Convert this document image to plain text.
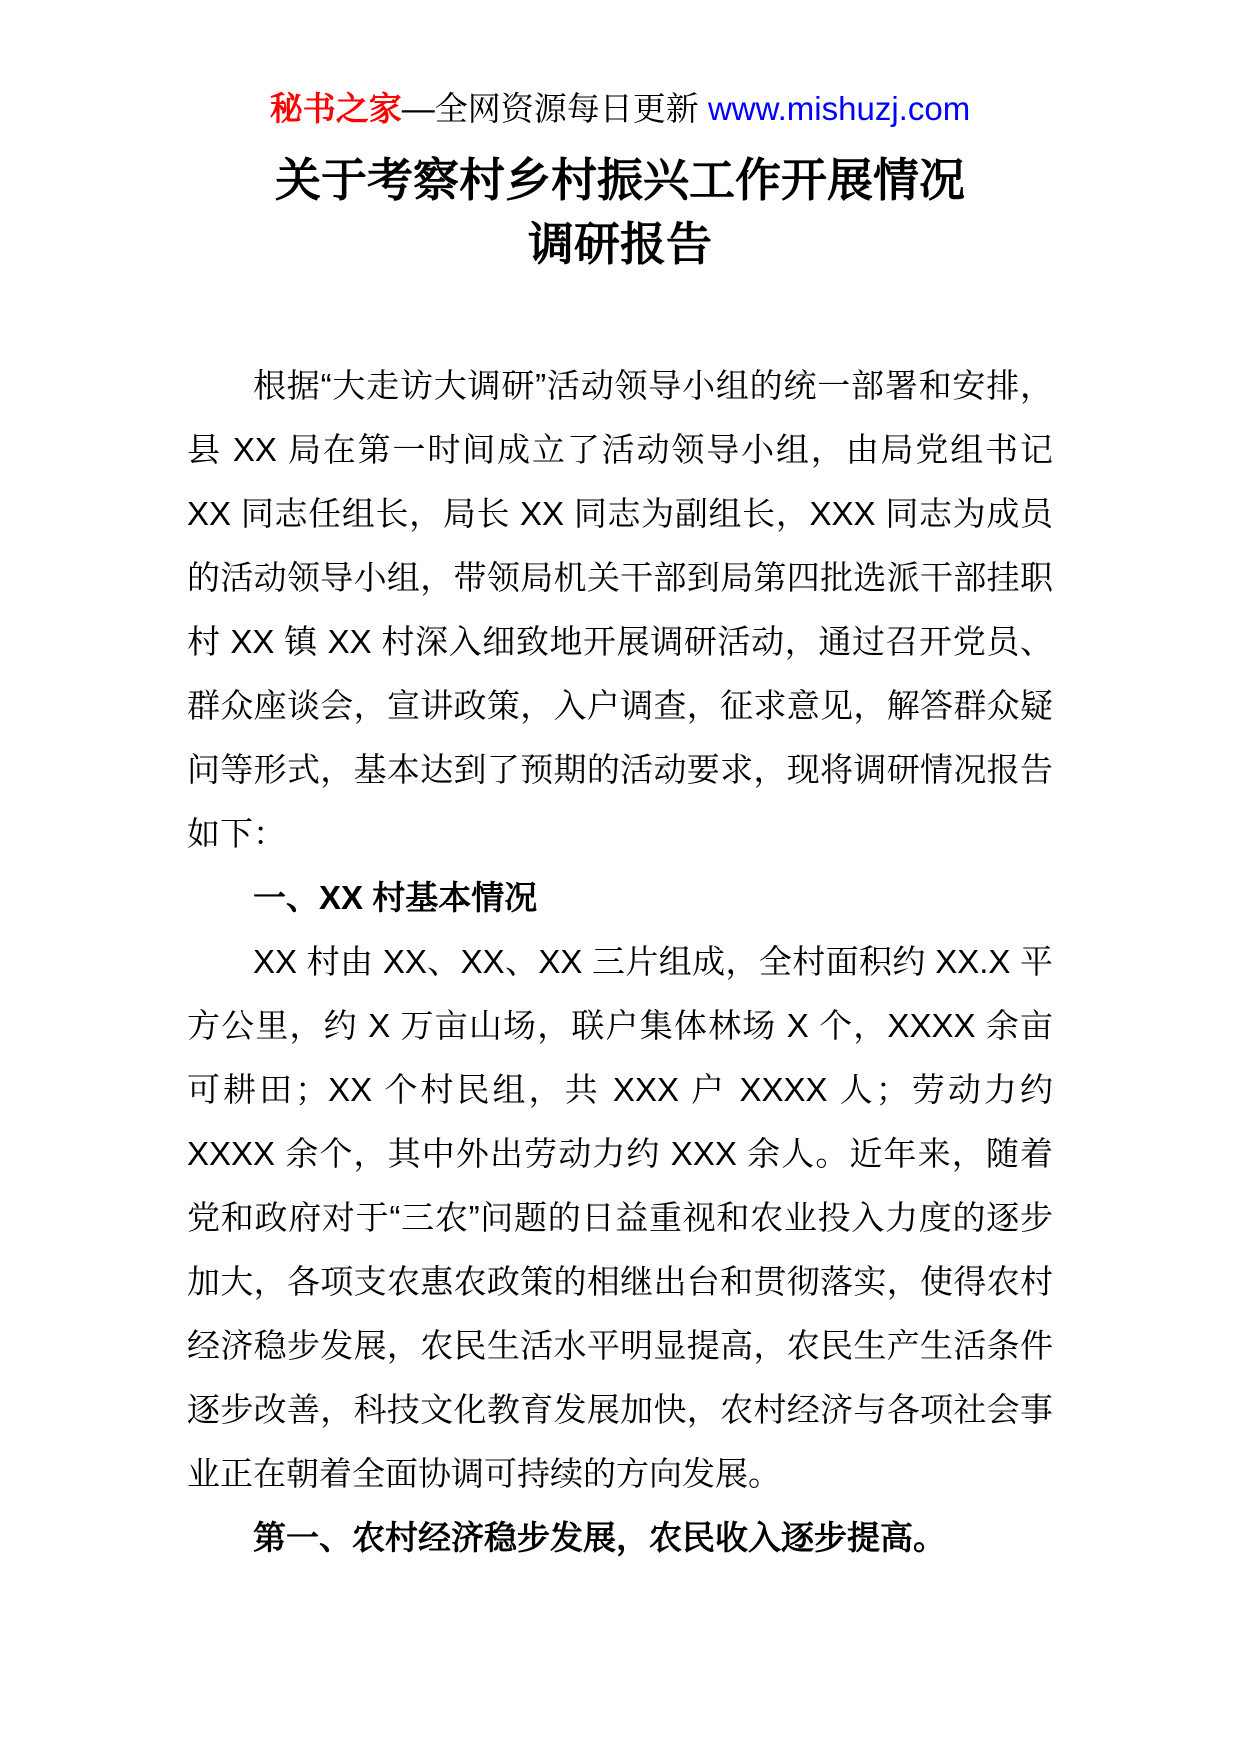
秘书之家—全网资源每日更新 www.mishuzj.com
关于考察村乡村振兴工作开展情况
调研报告

根据“大走访大调研”活动领导小组的统一部署和安排，县 XX 局在第一时间成立了活动领导小组，由局党组书记 XX 同志任组长，局长 XX 同志为副组长，XXX 同志为成员的活动领导小组，带领局机关干部到局第四批选派干部挂职村 XX 镇 XX 村深入细致地开展调研活动，通过召开党员、群众座谈会，宣讲政策，入户调查，征求意见，解答群众疑问等形式，基本达到了预期的活动要求，现将调研情况报告如下：

一、XX 村基本情况

XX 村由 XX、XX、XX 三片组成，全村面积约 XX.X 平方公里，约 X 万亩山场，联户集体林场 X 个，XXXX 余亩可耕田；XX 个村民组，共 XXX 户 XXXX 人；劳动力约 XXXX 余个，其中外出劳动力约 XXX 余人。近年来，随着党和政府对于“三农”问题的日益重视和农业投入力度的逐步加大，各项支农惠农政策的相继出台和贯彻落实，使得农村经济稳步发展，农民生活水平明显提高，农民生产生活条件逐步改善，科技文化教育发展加快，农村经济与各项社会事业正在朝着全面协调可持续的方向发展。

第一、农村经济稳步发展，农民收入逐步提高。
